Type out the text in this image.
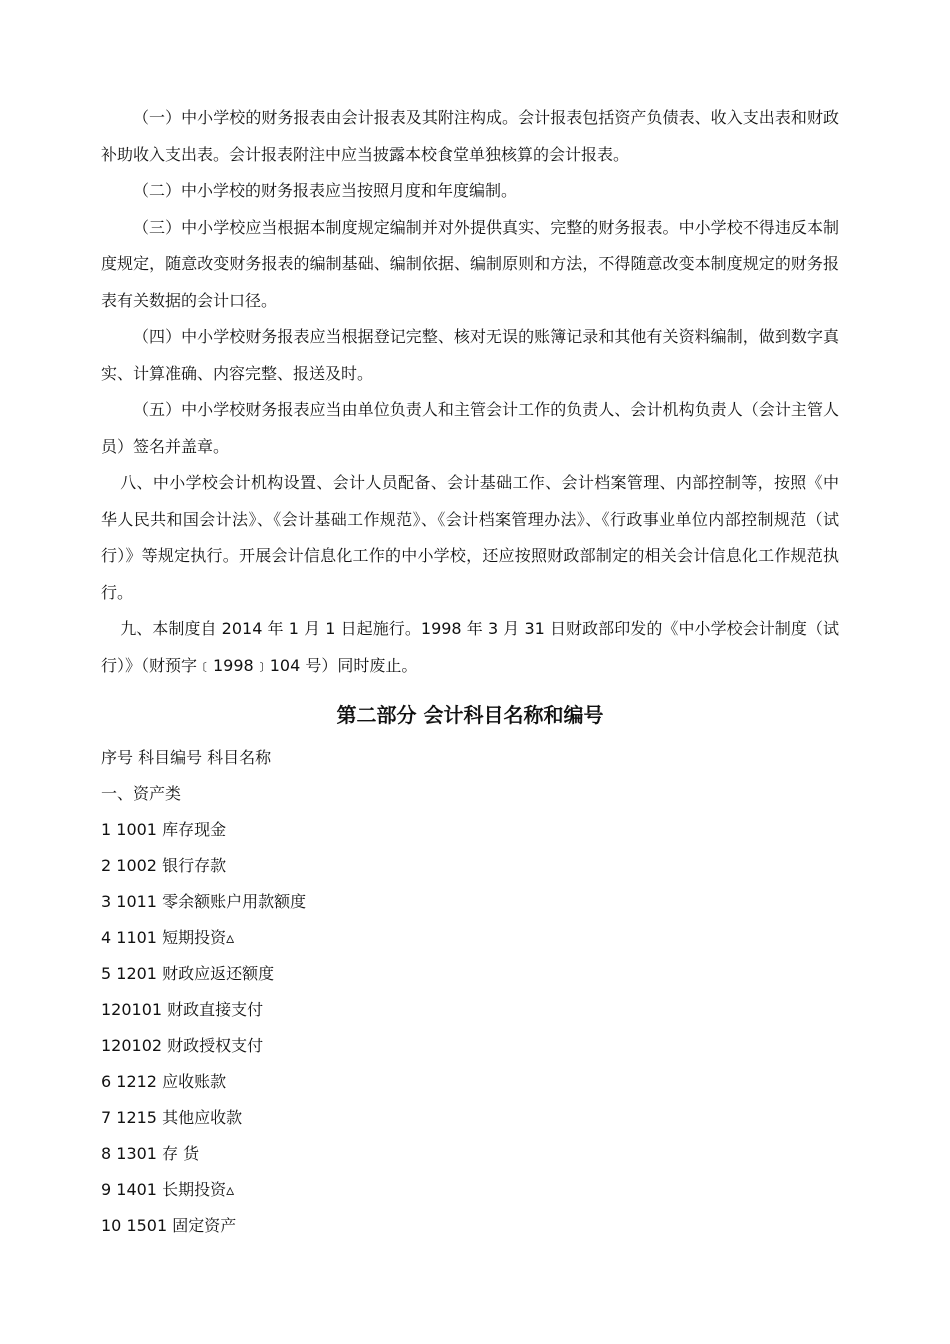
（一）中小学校的财务报表由会计报表及其附注构成。会计报表包括资产负债表、收入支出表和财政补助收入支出表。会计报表附注中应当披露本校食堂单独核算的会计报表。

（二）中小学校的财务报表应当按照月度和年度编制。

（三）中小学校应当根据本制度规定编制并对外提供真实、完整的财务报表。中小学校不得违反本制度规定，随意改变财务报表的编制基础、编制依据、编制原则和方法，不得随意改变本制度规定的财务报表有关数据的会计口径。

（四）中小学校财务报表应当根据登记完整、核对无误的账簿记录和其他有关资料编制，做到数字真实、计算准确、内容完整、报送及时。

（五）中小学校财务报表应当由单位负责人和主管会计工作的负责人、会计机构负责人（会计主管人员）签名并盖章。

八、中小学校会计机构设置、会计人员配备、会计基础工作、会计档案管理、内部控制等，按照《中华人民共和国会计法》、《会计基础工作规范》、《会计档案管理办法》、《行政事业单位内部控制规范（试行）》等规定执行。开展会计信息化工作的中小学校，还应按照财政部制定的相关会计信息化工作规范执行。

九、本制度自 2014 年 1 月 1 日起施行。1998 年 3 月 31 日财政部印发的《中小学校会计制度（试行）》（财预字﹝1998﹞104 号）同时废止。

第二部分 会计科目名称和编号

序号 科目编号 科目名称

一、资产类

1 1001 库存现金

2 1002 银行存款

3 1011 零余额账户用款额度

4 1101 短期投资▵

5 1201 财政应返还额度

120101 财政直接支付

120102 财政授权支付

6 1212 应收账款

7 1215 其他应收款

8 1301 存 货

9 1401 长期投资▵

10 1501 固定资产
